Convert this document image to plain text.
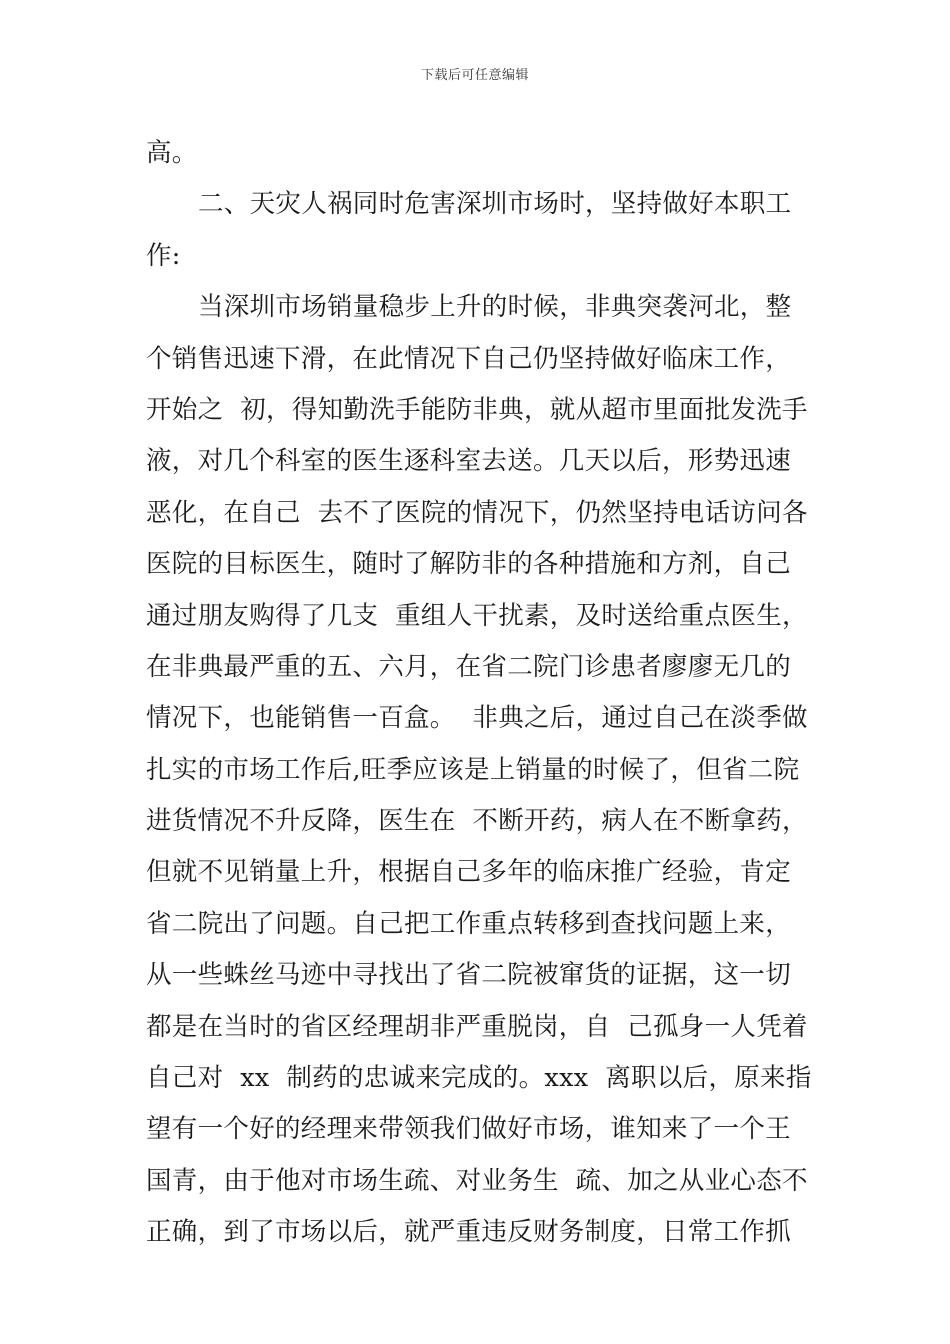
下载后可任意编辑
高。
二、天灾人祸同时危害深圳市场时，坚持做好本职工
作:
当深圳市场销量稳步上升的时候，非典突袭河北，整
个销售迅速下滑，在此情况下自己仍坚持做好临床工作，
开始之  初，得知勤洗手能防非典，就从超市里面批发洗手
液，对几个科室的医生逐科室去送。几天以后，形势迅速
恶化，在自己  去不了医院的情况下，仍然坚持电话访问各
医院的目标医生，随时了解防非的各种措施和方剂，自己
通过朋友购得了几支  重组人干扰素，及时送给重点医生，
在非典最严重的五、六月，在省二院门诊患者廖廖无几的
情况下，也能销售一百盒。  非典之后，通过自己在淡季做
扎实的市场工作后,旺季应该是上销量的时候了，但省二院
进货情况不升反降，医生在  不断开药，病人在不断拿药，
但就不见销量上升，根据自己多年的临床推广经验，肯定
省二院出了问题。自己把工作重点转移到查找问题上来，
从一些蛛丝马迹中寻找出了省二院被窜货的证据，这一切
都是在当时的省区经理胡非严重脱岗，自  己孤身一人凭着
自己对  xx  制药的忠诚来完成的。xxx  离职以后，原来指
望有一个好的经理来带领我们做好市场，谁知来了一个王
国青，由于他对市场生疏、对业务生  疏、加之从业心态不
正确，到了市场以后，就严重违反财务制度，日常工作抓
